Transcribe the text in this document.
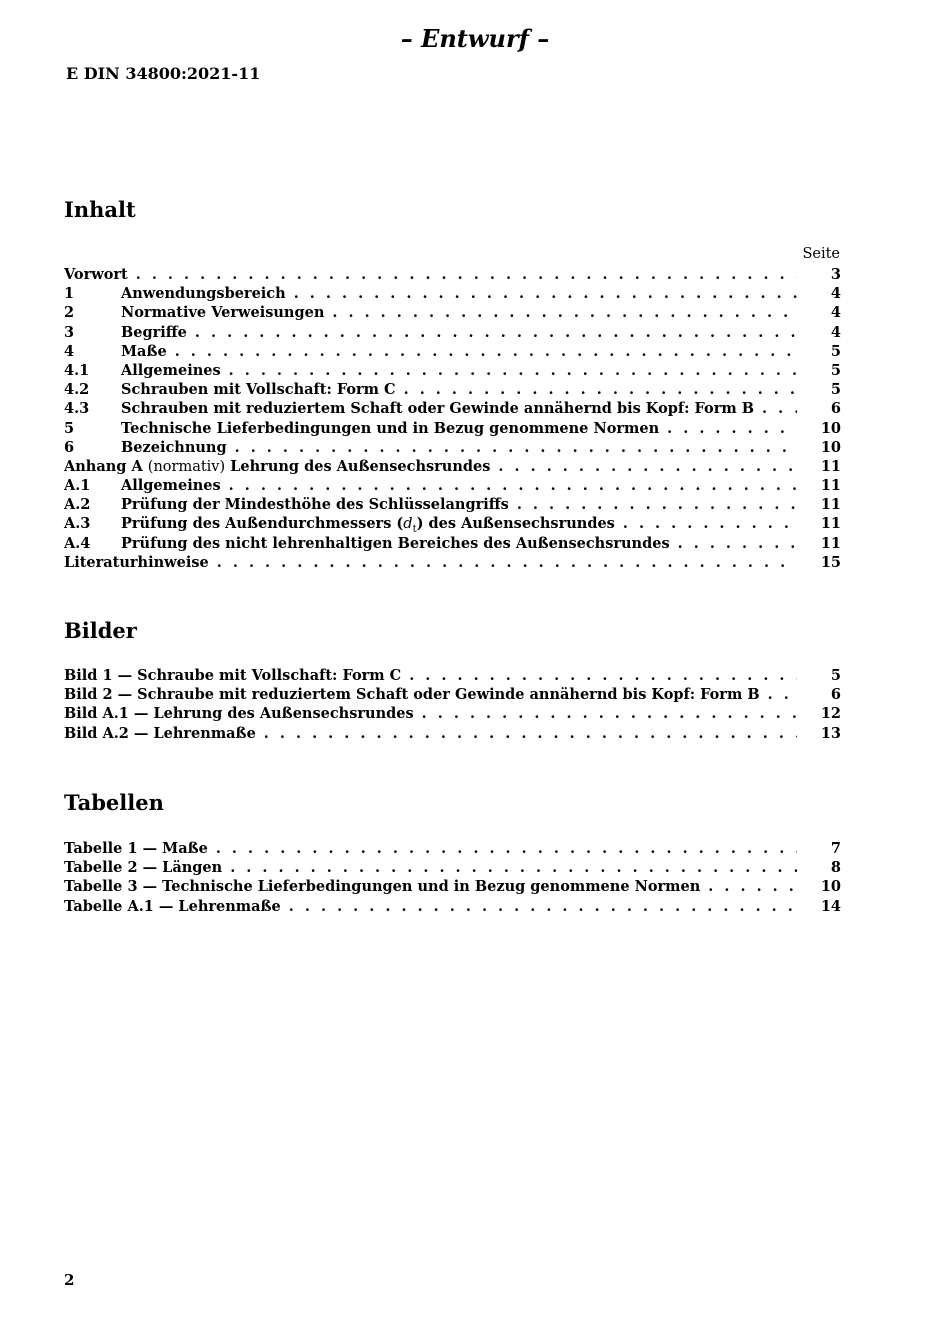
– Entwurf –
E DIN 34800:2021-11
Inhalt
Seite
Vorwort . . .	3
1	Anwendungsbereich . . .	4
2	Normative Verweisungen . . .	4
3	Begriffe . . .	4
4	Maße . . .	5
4.1	Allgemeines . . .	5
4.2	Schrauben mit Vollschaft: Form C . . .	5
4.3	Schrauben mit reduziertem Schaft oder Gewinde annähernd bis Kopf: Form B . . .	6
5	Technische Lieferbedingungen und in Bezug genommene Normen . . .	10
6	Bezeichnung . . .	10
Anhang A (normativ) Lehrung des Außensechsrundes . . .	11
A.1	Allgemeines . . .	11
A.2	Prüfung der Mindesthöhe des Schlüsselangriffs . . .	11
A.3	Prüfung des Außendurchmessers $(d_t)$ des Außensechsrundes . . .	11
A.4	Prüfung des nicht lehrenhaltigen Bereiches des Außensechsrundes . . .	11
Literaturhinweise . . .	15
Bilder
Bild 1 — Schraube mit Vollschaft: Form C . . .	5
Bild 2 — Schraube mit reduziertem Schaft oder Gewinde annähernd bis Kopf: Form B . . .	6
Bild A.1 — Lehrung des Außensechsrundes . . .	12
Bild A.2 — Lehrenmaße . . .	13
Tabellen
Tabelle 1 — Maße . . .	7
Tabelle 2 — Längen . . .	8
Tabelle 3 — Technische Lieferbedingungen und in Bezug genommene Normen . . .	10
Tabelle A.1 — Lehrenmaße . . .	14
2
